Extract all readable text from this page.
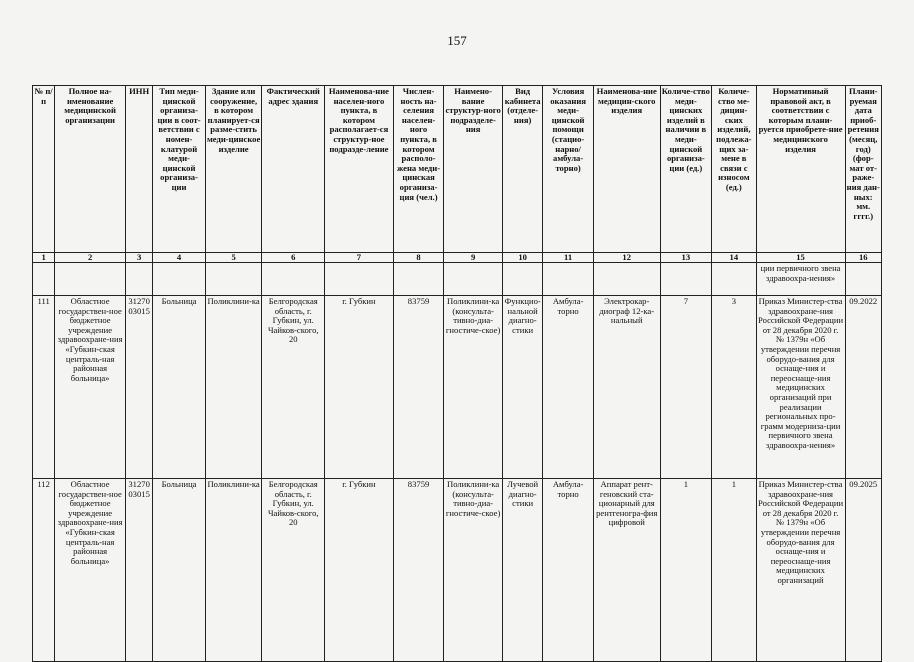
157
№ п/п	Полное на-именование медицинской организации	ИНН	Тип меди-цинской организа-ции в соот-ветствии с номен-клатурой меди-цинской организа-ции	Здание или сооружение, в котором планирует-ся разме-стить меди-цинское изделие	Фактический адрес здания	Наименова-ние населен-ного пункта, в котором располагает-ся структур-ное подразде-ление	Числен-ность на-селения населен-ного пункта, в котором располо-жена меди-цинская организа-ция (чел.)	Наимено-вание структур-ного подразделе-ния	Вид кабинета (отделе-ния)	Условия оказания меди-цинской помощи (стацио-нарно/ амбула-торно)	Наименова-ние медицин-ского изделия	Количе-ство меди-цинских изделий в наличии в меди-цинской организа-ции (ед.)	Количе-ство ме-дицин-ских изделий, подлежа-щих за-мене в связи с износом (ед.)	Нормативный правовой акт, в соответствии с которым плани-руется приобрете-ние медицинского изделия	Плани-руемая дата приоб-ретения (месяц, год) (фор-мат от-раже-ния дан-ных: мм. гггг.)
1	2	3	4	5	6	7	8	9	10	11	12	13	14	15	16
														ции первичного звена здравоохра-нения»	
111	Областное государствен-ное бюджетное учреждение здравоохране-ния «Губкин-ская централь-ная районная больница»	31270 03015	Больница	Поликлини-ка	Белгородская область, г. Губкин, ул. Чайков-ского, 20	г. Губкин	83759	Поликлини-ка (консульта-тивно-диа-гностиче-ское)	Функцио-нальной диагно-стики	Амбула-торно	Электрокар-диограф 12-ка-нальный	7	3	Приказ Министер-ства здравоохране-ния Российской Федерации от 28 декабря 2020 г. № 1379н «Об утверждении перечня оборудо-вания для оснаще-ния и переоснаще-ния медицинских организаций при реализации региональных про-грамм модерниза-ции первичного звена здравоохра-нения»	09.2022
112	Областное государствен-ное бюджетное учреждение здравоохране-ния «Губкин-ская централь-ная районная больница»	31270 03015	Больница	Поликлини-ка	Белгородская область, г. Губкин, ул. Чайков-ского, 20	г. Губкин	83759	Поликлини-ка (консульта-тивно-диа-гностиче-ское)	Лучевой диагно-стики	Амбула-торно	Аппарат рент-геновский ста-ционарный для рентгеногра-фия цифровой	1	1	Приказ Министер-ства здравоохране-ния Российской Федерации от 28 декабря 2020 г. № 1379н «Об утверждении перечня оборудо-вания для оснаще-ния и переоснаще-ния медицинских организаций	09.2025
